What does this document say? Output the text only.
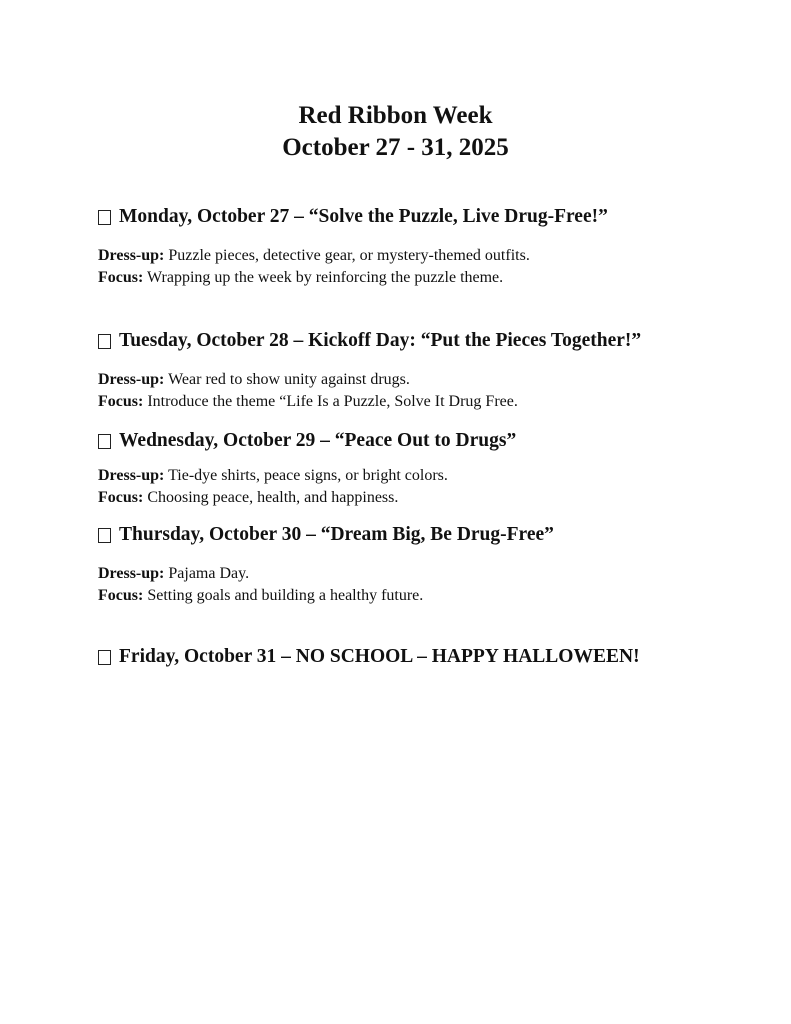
Red Ribbon Week

October 27 - 31, 2025

Monday, October 27 – “Solve the Puzzle, Live Drug-Free!”

Dress-up: Puzzle pieces, detective gear, or mystery-themed outfits.

Focus: Wrapping up the week by reinforcing the puzzle theme.

Tuesday, October 28 – Kickoff Day: “Put the Pieces Together!”

Dress-up: Wear red to show unity against drugs.

Focus: Introduce the theme “Life Is a Puzzle, Solve It Drug Free.

Wednesday, October 29 – “Peace Out to Drugs”

Dress-up: Tie-dye shirts, peace signs, or bright colors.

Focus: Choosing peace, health, and happiness.

Thursday, October 30 – “Dream Big, Be Drug-Free”

Dress-up: Pajama Day.

Focus: Setting goals and building a healthy future.

Friday, October 31 – NO SCHOOL – HAPPY HALLOWEEN!
